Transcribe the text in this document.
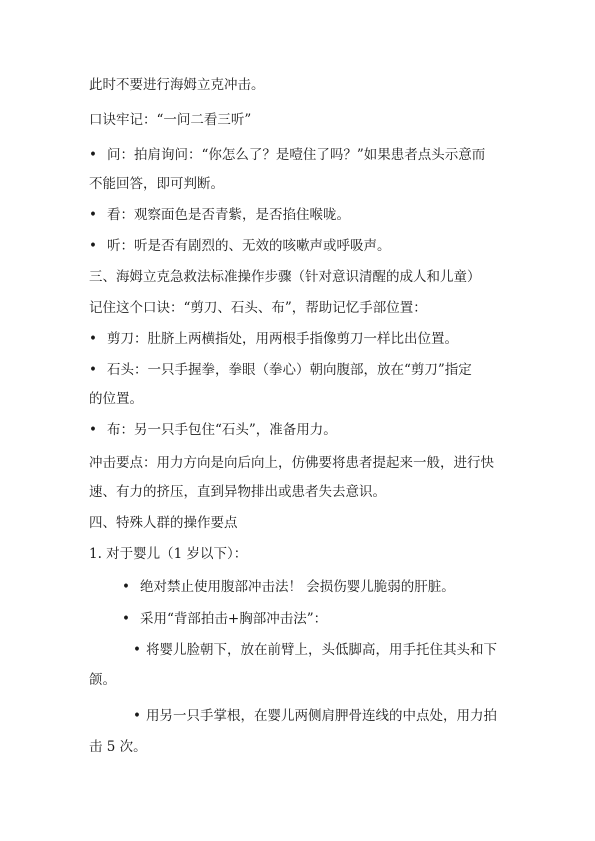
此时不要进行海姆立克冲击。
口诀牢记：“一问二看三听”
• 问：拍肩询问：“你怎么了？是噎住了吗？”如果患者点头示意而
不能回答，即可判断。
• 看：观察面色是否青紫，是否掐住喉咙。
• 听：听是否有剧烈的、无效的咳嗽声或呼吸声。
三、海姆立克急救法标准操作步骤（针对意识清醒的成人和儿童）
记住这个口诀：“剪刀、石头、布”，帮助记忆手部位置：
• 剪刀：肚脐上两横指处，用两根手指像剪刀一样比出位置。
• 石头：一只手握拳，拳眼（拳心）朝向腹部，放在“剪刀”指定
的位置。
• 布：另一只手包住“石头”，准备用力。
冲击要点：用力方向是向后向上，仿佛要将患者提起来一般，进行快
速、有力的挤压，直到异物排出或患者失去意识。
四、特殊人群的操作要点
1. 对于婴儿（1 岁以下）：
• 绝对禁止使用腹部冲击法！ 会损伤婴儿脆弱的肝脏。
• 采用“背部拍击+胸部冲击法”：
• 将婴儿脸朝下，放在前臂上，头低脚高，用手托住其头和下
颌。
• 用另一只手掌根，在婴儿两侧肩胛骨连线的中点处，用力拍
击 5 次。
